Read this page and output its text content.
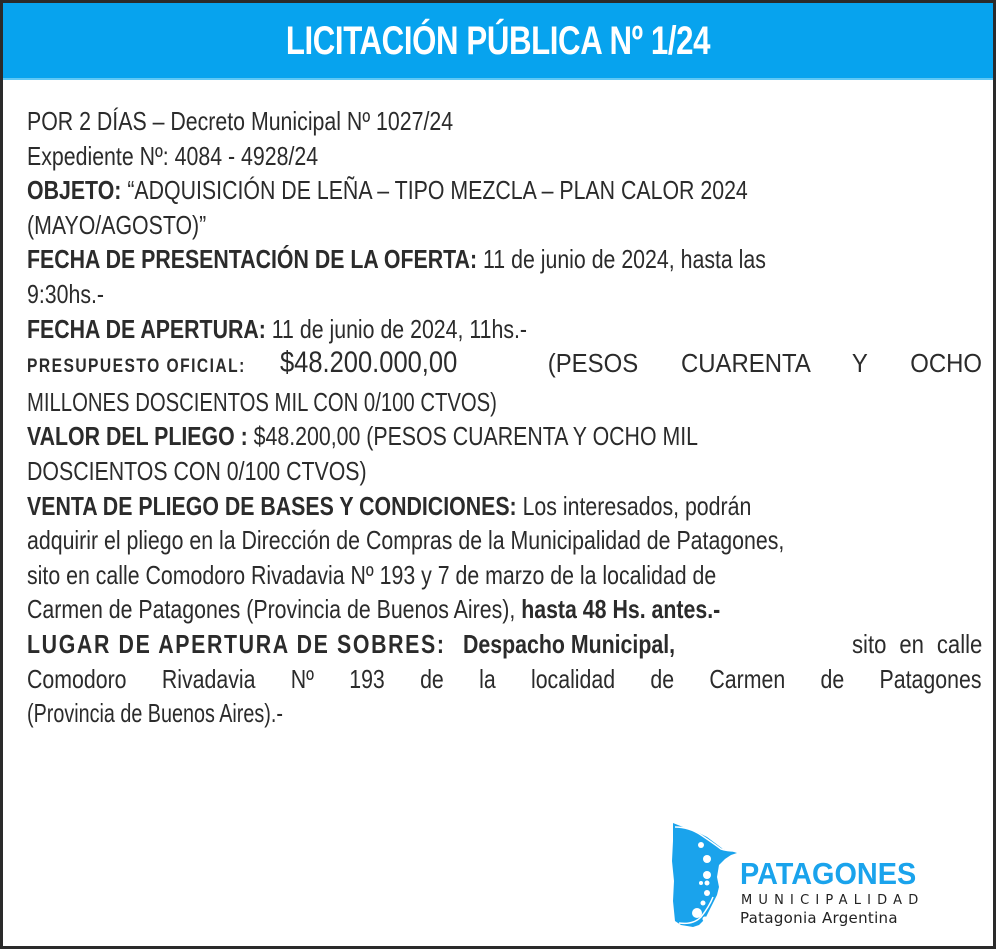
LICITACIÓN PÚBLICA Nº 1/24
POR 2 DÍAS – Decreto Municipal Nº 1027/24
Expediente Nº: 4084 - 4928/24
OBJETO: “ADQUISICIÓN DE LEÑA – TIPO MEZCLA – PLAN CALOR 2024
(MAYO/AGOSTO)”
FECHA DE PRESENTACIÓN DE LA OFERTA: 11 de junio de 2024, hasta las
9:30hs.-
FECHA DE APERTURA: 11 de junio de 2024, 11hs.-
PRESUPUESTO OFICIAL: $48.200.000,00	(PESOS CUARENTA Y OCHO
MILLONES DOSCIENTOS MIL CON 0/100 CTVOS)
VALOR DEL PLIEGO : $48.200,00 (PESOS CUARENTA Y OCHO MIL
DOSCIENTOS CON 0/100 CTVOS)
VENTA DE PLIEGO DE BASES Y CONDICIONES: Los interesados, podrán
adquirir el pliego en la Dirección de Compras de la Municipalidad de Patagones,
sito en calle Comodoro Rivadavia Nº 193 y 7 de marzo de la localidad de
Carmen de Patagones (Provincia de Buenos Aires), hasta 48 Hs. antes.-
LUGAR DE APERTURA DE SOBRES: Despacho Municipal,	sito en calle
Comodoro Rivadavia Nº 193 de la localidad de Carmen de Patagones
(Provincia de Buenos Aires).-
PATAGONES
MUNICIPALIDAD
Patagonia Argentina
